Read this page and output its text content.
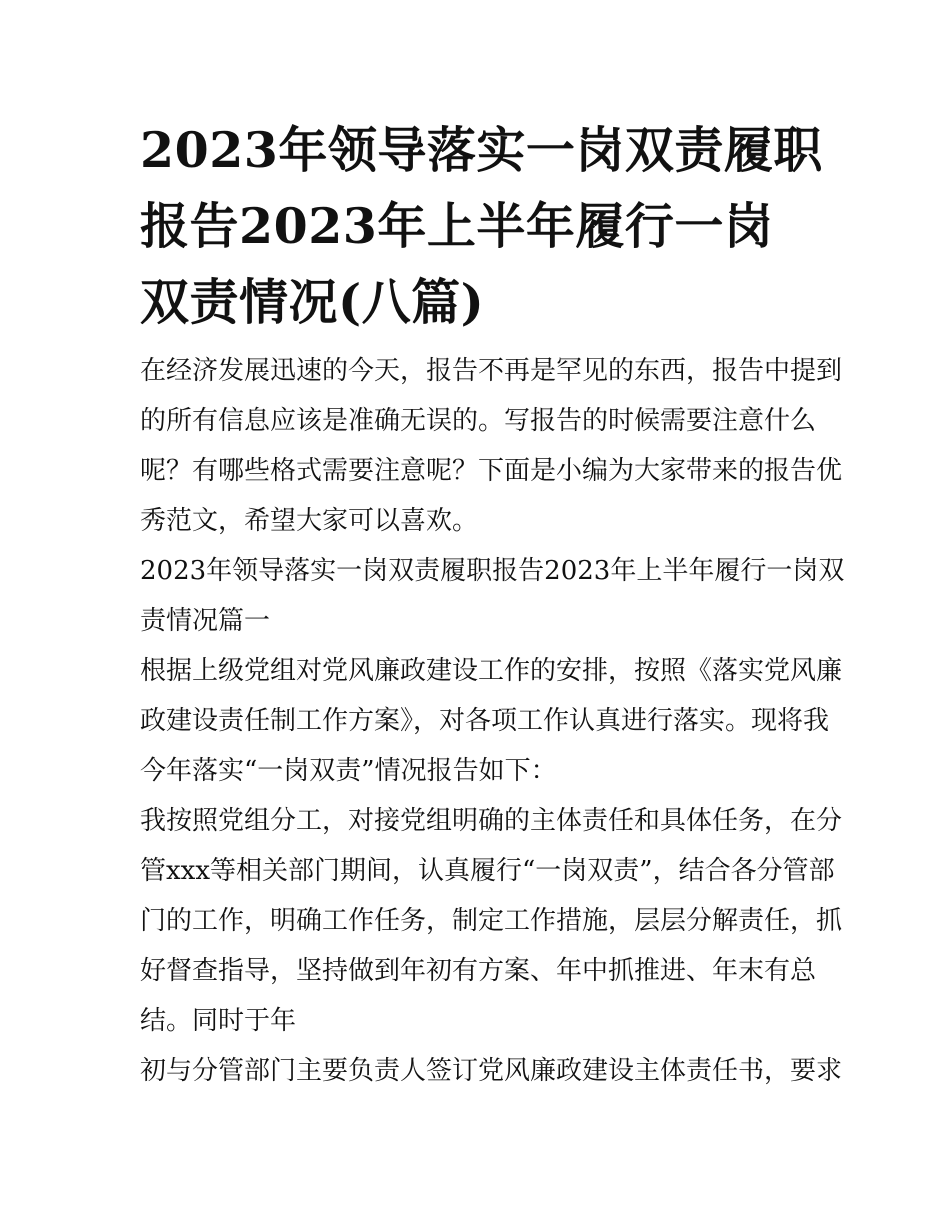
2023年领导落实一岗双责履职
报告2023年上半年履行一岗
双责情况(八篇)

在经济发展迅速的今天，报告不再是罕见的东西，报告中提到
的所有信息应该是准确无误的。写报告的时候需要注意什么
呢？有哪些格式需要注意呢？下面是小编为大家带来的报告优
秀范文，希望大家可以喜欢。

2023年领导落实一岗双责履职报告2023年上半年履行一岗双
责情况篇一

根据上级党组对党风廉政建设工作的安排，按照《落实党风廉
政建设责任制工作方案》，对各项工作认真进行落实。现将我
今年落实“一岗双责”情况报告如下：

我按照党组分工，对接党组明确的主体责任和具体任务，在分
管xxx等相关部门期间，认真履行“一岗双责”，结合各分管部
门的工作，明确工作任务，制定工作措施，层层分解责任，抓
好督查指导，坚持做到年初有方案、年中抓推进、年末有总
结。同时于年

初与分管部门主要负责人签订党风廉政建设主体责任书，要求
